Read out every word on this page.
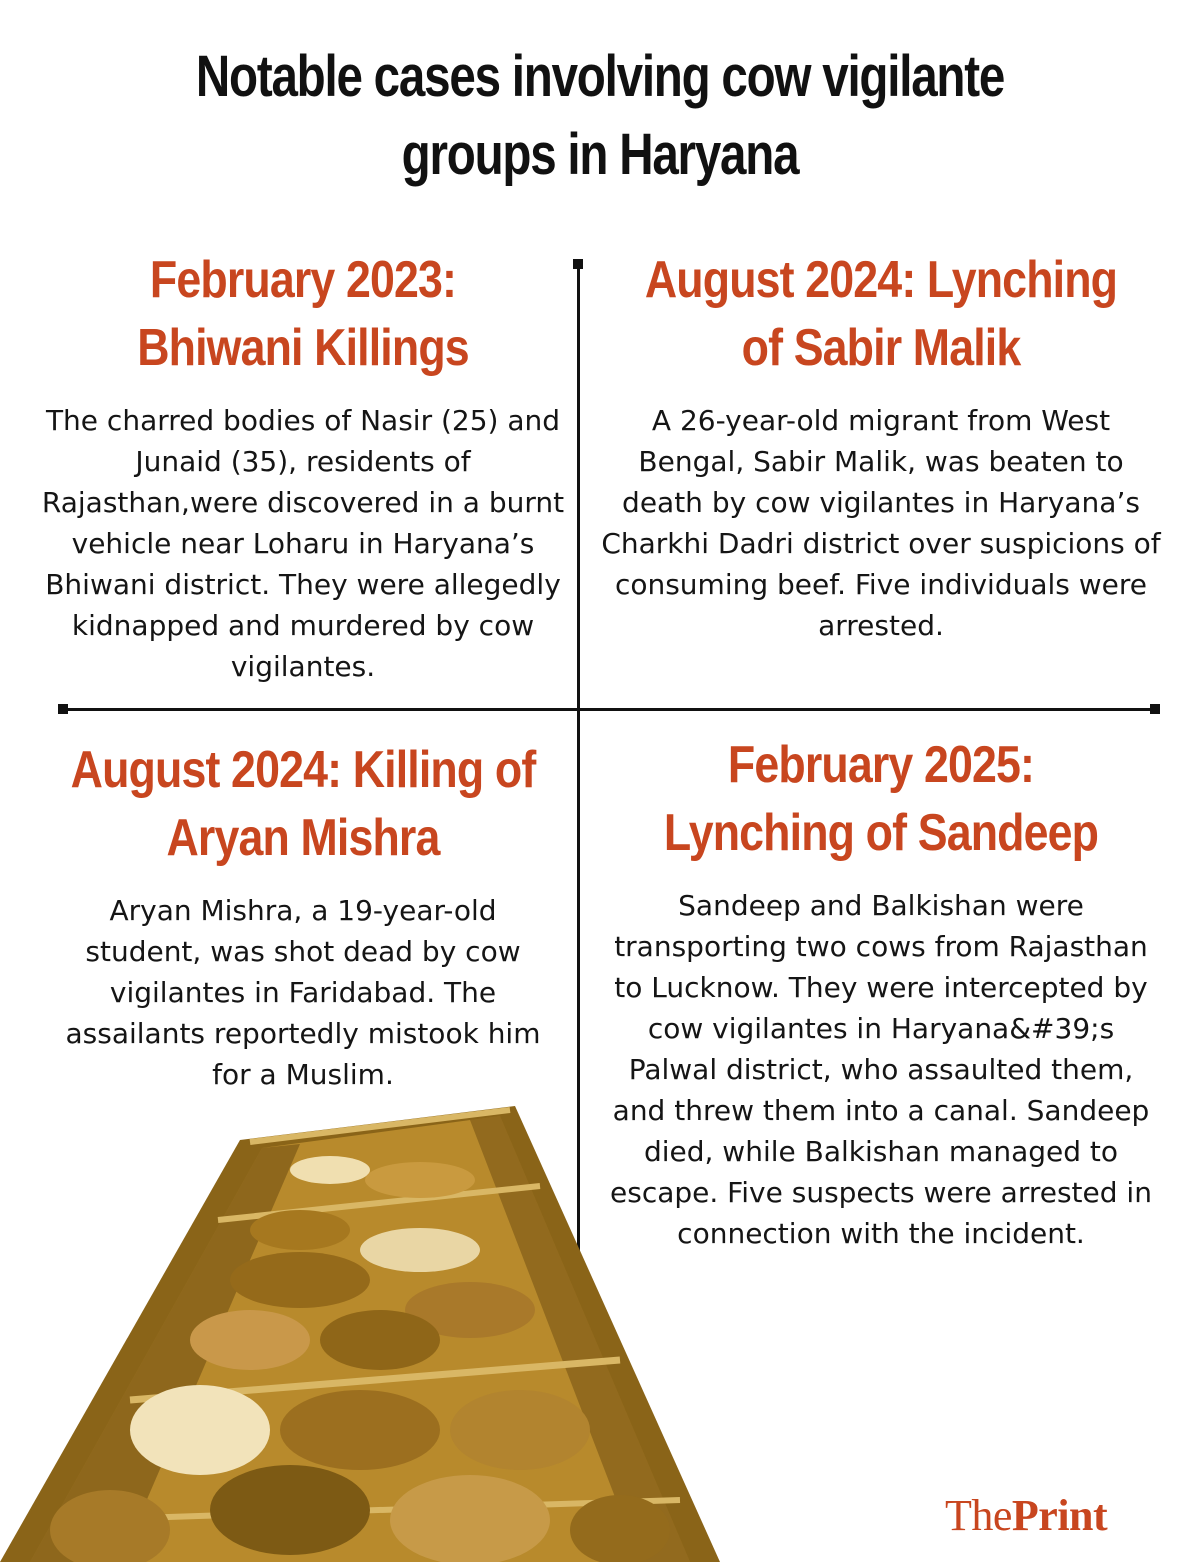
Notable cases involving cow vigilante groups in Haryana
February 2023: Bhiwani Killings

The charred bodies of Nasir (25) and Junaid (35), residents of Rajasthan,were discovered in a burnt vehicle near Loharu in Haryana’s Bhiwani district. They were allegedly kidnapped and murdered by cow vigilantes.

August 2024: Lynching of Sabir Malik

A 26-year-old migrant from West Bengal, Sabir Malik, was beaten to death by cow vigilantes in Haryana’s Charkhi Dadri district over suspicions of consuming beef. Five individuals were arrested.

August 2024: Killing of Aryan Mishra

Aryan Mishra, a 19-year-old student, was shot dead by cow vigilantes in Faridabad. The assailants reportedly mistook him for a Muslim.

February 2025: Lynching of Sandeep

Sandeep and Balkishan were transporting two cows from Rajasthan to Lucknow. They were intercepted by cow vigilantes in Haryana&#39;s Palwal district, who assaulted them, and threw them into a canal. Sandeep died, while Balkishan managed to escape. Five suspects were arrested in connection with the incident.

ThePrint
